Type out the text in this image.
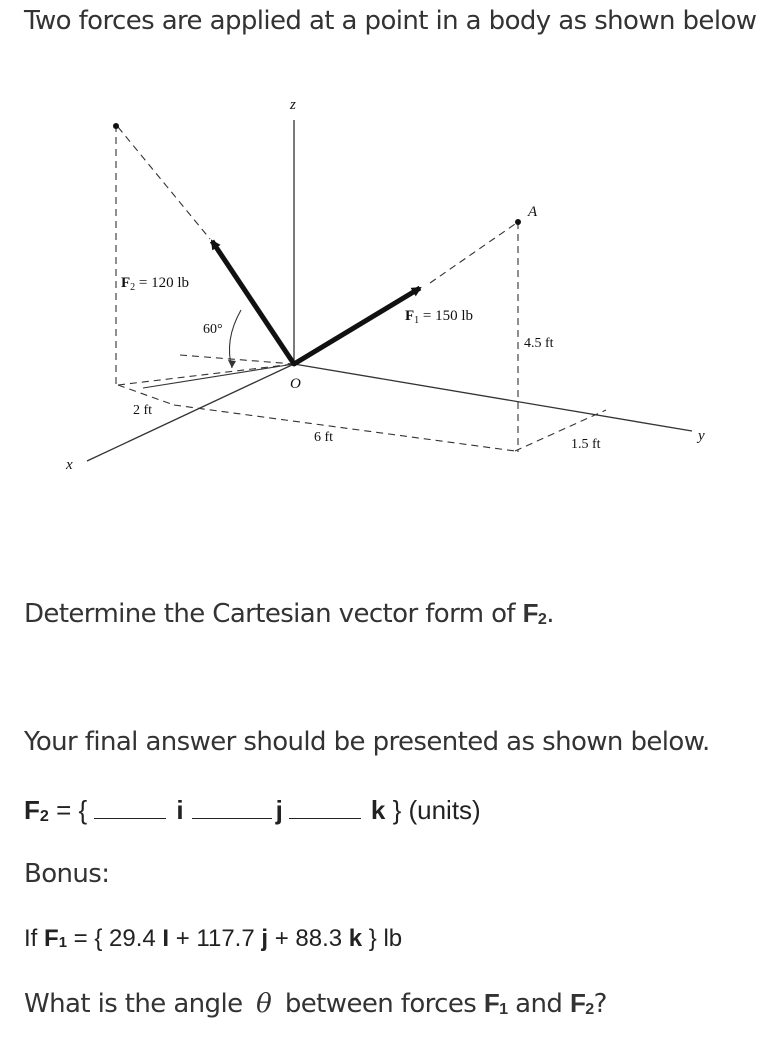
Two forces are applied at a point in a body as shown below
z
y
x
O
A
$F_2 = 120$ lb
$F_1 = 150$ lb
60°
2 ft
6 ft
4.5 ft
1.5 ft
Determine the Cartesian vector form of $F_2$.
Your final answer should be presented as shown below.
$F_2$ = {	i	j	k } (units)
Bonus:
If $F_1$ = { 29.4 I + 117.7 j + 88.3 k } lb
What is the angle θ between forces $F_1$ and $F_2$?
